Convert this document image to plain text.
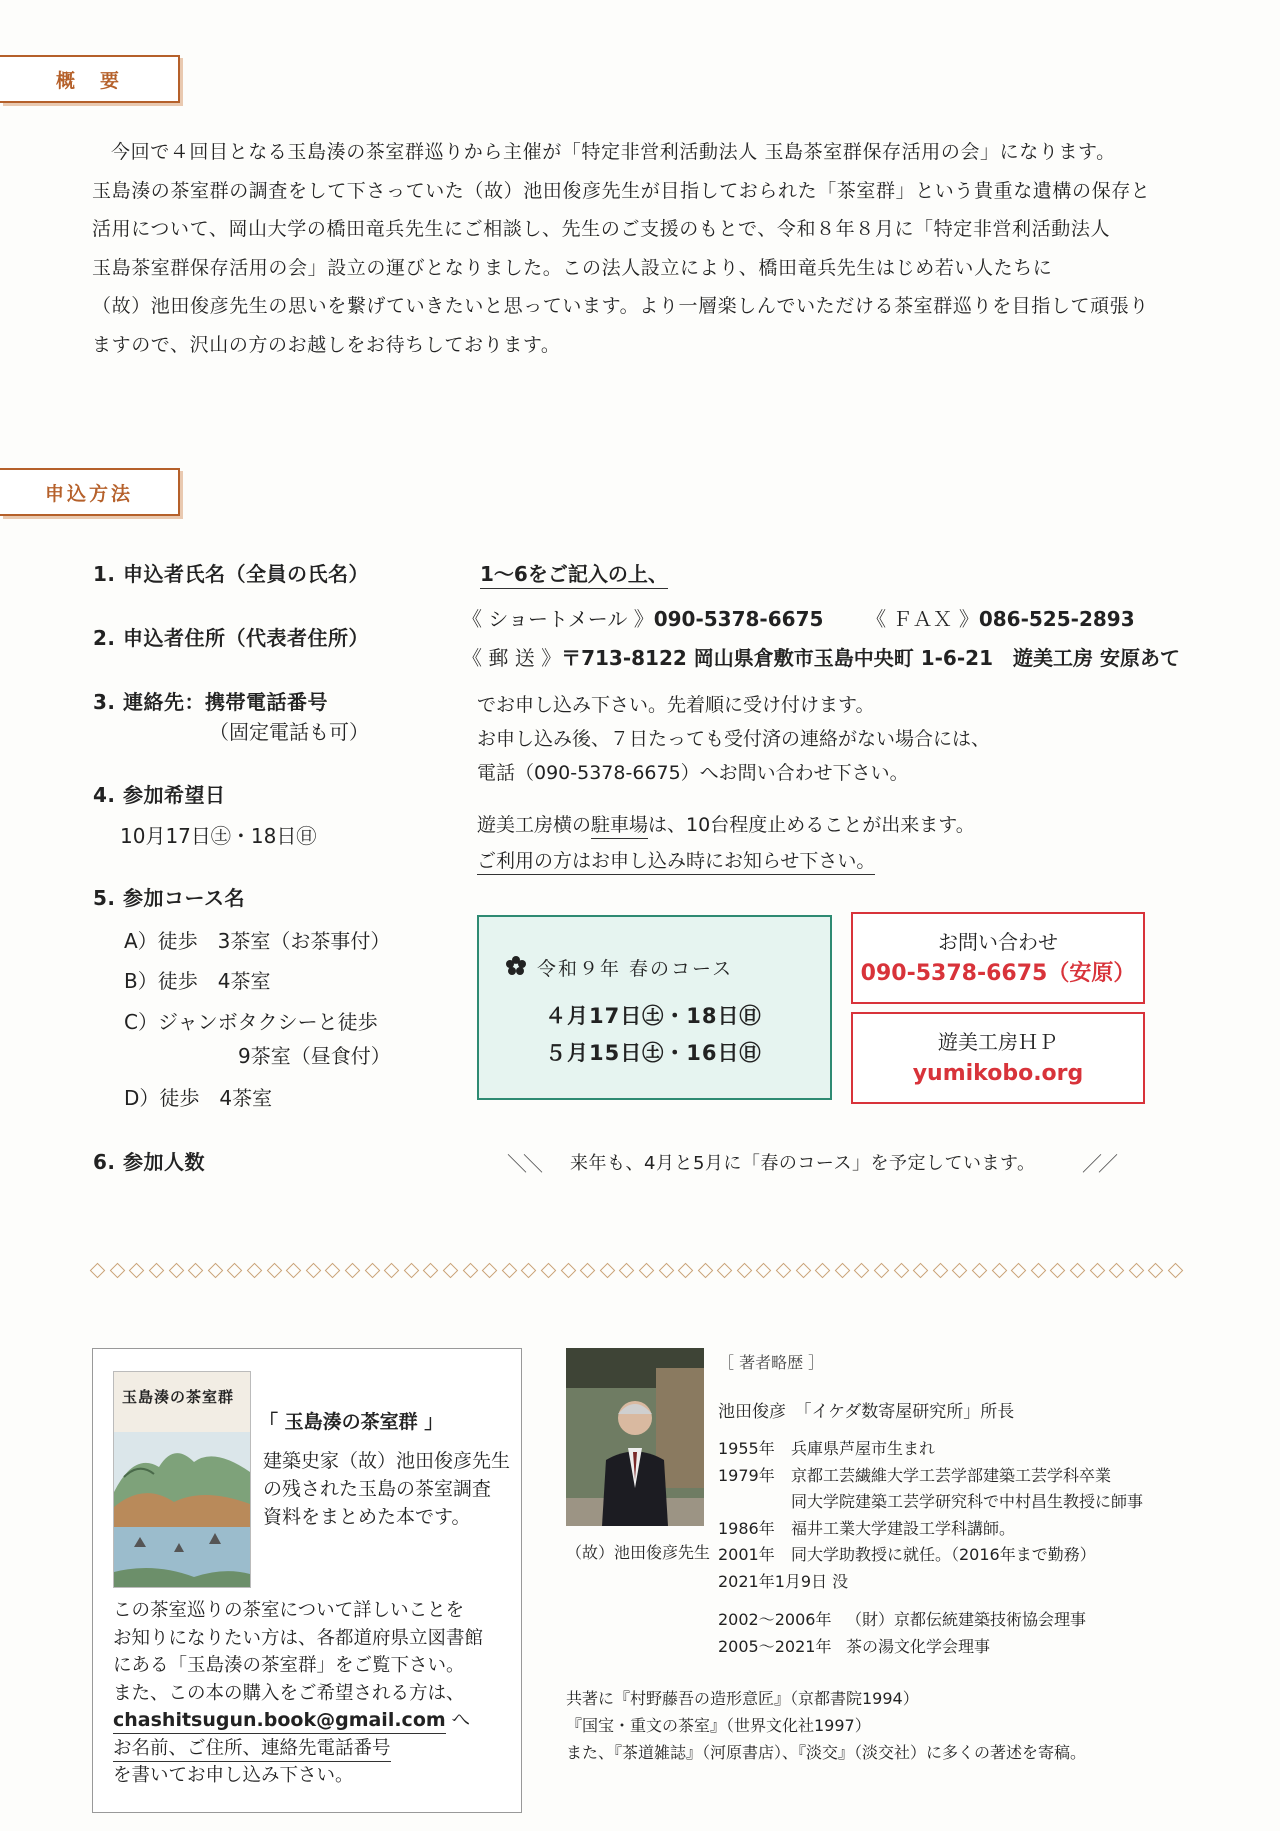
概　要
今回で４回目となる玉島湊の茶室群巡りから主催が「特定非営利活動法人 玉島茶室群保存活用の会」になります。
玉島湊の茶室群の調査をして下さっていた（故）池田俊彦先生が目指しておられた「茶室群」という貴重な遺構の保存と
活用について、岡山大学の橋田竜兵先生にご相談し、先生のご支援のもとで、令和８年８月に「特定非営利活動法人
玉島茶室群保存活用の会」設立の運びとなりました。この法人設立により、橋田竜兵先生はじめ若い人たちに
（故）池田俊彦先生の思いを繋げていきたいと思っています。より一層楽しんでいただける茶室群巡りを目指して頑張り
ますので、沢山の方のお越しをお待ちしております。
申込方法
1. 申込者氏名（全員の氏名）
2. 申込者住所（代表者住所）
3. 連絡先：携帯電話番号
（固定電話も可）
4. 参加希望日
10月17日㊏・18日㊐
5. 参加コース名
A）徒歩　3茶室（お茶事付）
B）徒歩　4茶室
C）ジャンボタクシーと徒歩
9茶室（昼食付）
D）徒歩　4茶室
6. 参加人数
1～6をご記入の上、
《 ショートメール 》090-5378-6675 《 ＦＡＸ 》086-525-2893
《 郵 送 》〒713-8122 岡山県倉敷市玉島中央町 1-6-21　遊美工房 安原あて
でお申し込み下さい。先着順に受け付けます。
お申し込み後、７日たっても受付済の連絡がない場合には、
電話（090-5378-6675）へお問い合わせ下さい。
遊美工房横の駐車場は、10台程度止めることが出来ます。
ご利用の方はお申し込み時にお知らせ下さい。
令和９年 春のコース
４月17日㊏・18日㊐
５月15日㊏・16日㊐
お問い合わせ
090-5378-6675（安原）
遊美工房ＨＰ
yumikobo.org
＼＼ 来年も、4月と5月に「春のコース」を予定しています。 ／／
玉島湊の茶室群
「 玉島湊の茶室群 」
建築史家（故）池田俊彦先生
の残された玉島の茶室調査
資料をまとめた本です。
この茶室巡りの茶室について詳しいことを
お知りになりたい方は、各都道府県立図書館
にある「玉島湊の茶室群」をご覧下さい。
また、この本の購入をご希望される方は、
chashitsugun.book@gmail.com へ
お名前、ご住所、連絡先電話番号
を書いてお申し込み下さい。
（故）池田俊彦先生
［ 著者略歴 ］
池田俊彦　「イケダ数寄屋研究所」所長
1955年 兵庫県芦屋市生まれ
1979年 京都工芸繊維大学工芸学部建築工芸学科卒業
同大学院建築工芸学研究科で中村昌生教授に師事
1986年 福井工業大学建設工学科講師。
2001年 同大学助教授に就任。（2016年まで勤務）
2021年1月9日 没
2002～2006年 （財）京都伝統建築技術協会理事
2005～2021年 茶の湯文化学会理事
共著に『村野藤吾の造形意匠』（京都書院1994）
『国宝・重文の茶室』（世界文化社1997）
また、『茶道雑誌』（河原書店）、『淡交』（淡交社）に多くの著述を寄稿。
